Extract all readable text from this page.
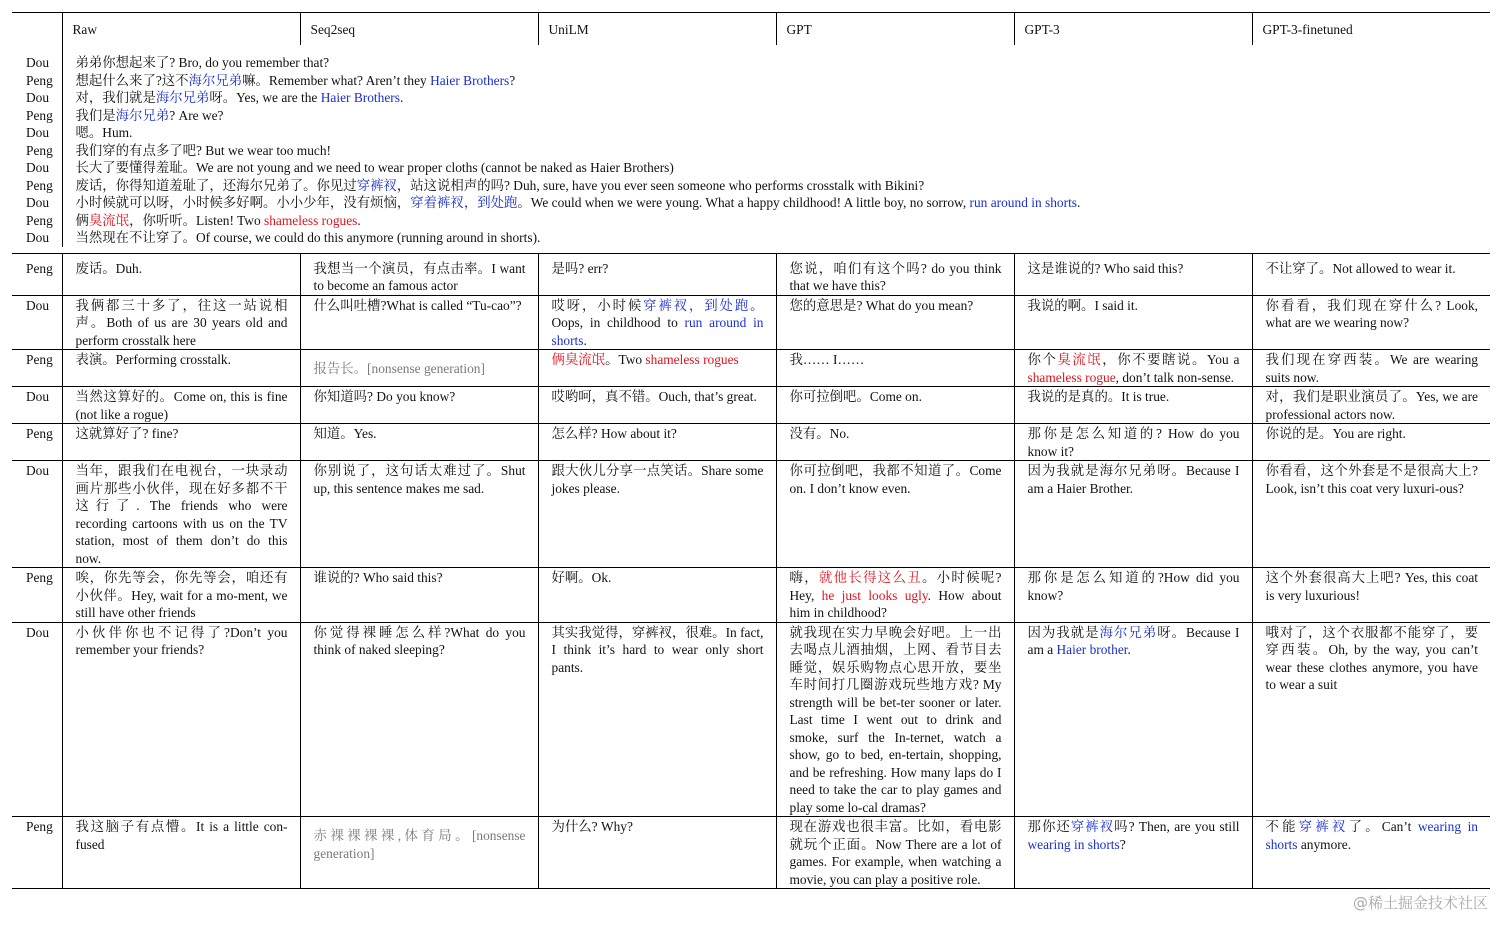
	Raw	Seq2seq	UniLM	GPT	GPT-3	GPT-3-finetuned
Dou	弟弟你想起来了? Bro, do you remember that?					
Peng	想起什么来了?这不海尔兄弟嘛。Remember what? Aren’t they Haier Brothers?					
Dou	对，我们就是海尔兄弟呀。Yes, we are the Haier Brothers.					
Peng	我们是海尔兄弟? Are we?					
Dou	嗯。Hum.					
Peng	我们穿的有点多了吧? But we wear too much!					
Dou	长大了要懂得羞耻。We are not young and we need to wear proper cloths (cannot be naked as Haier Brothers)					
Peng	废话，你得知道羞耻了，还海尔兄弟了。你见过穿裤衩，站这说相声的吗? Duh, sure, have you ever seen someone who performs crosstalk with Bikini?					
Dou	小时候就可以呀，小时候多好啊。小小少年，没有烦恼，穿着裤衩，到处跑。We could when we were young. What a happy childhood! A little boy, no sorrow, run around in shorts.					
Peng	俩臭流氓，你听听。Listen! Two shameless rogues.					
Dou	当然现在不让穿了。Of course, we could do this anymore (running around in shorts).					

Peng	废话。Duh.	我想当一个演员，有点击率。I want to become an famous actor	是吗? err?	您说，咱们有这个吗? do you think that we have this?	这是谁说的? Who said this?	不让穿了。Not allowed to wear it.
Dou	我俩都三十多了，往这一站说相声。Both of us are 30 years old and perform crosstalk here	什么叫吐槽?What is called “Tu-cao”?	哎呀，小时候穿裤衩，到处跑。Oops, in childhood to run around in shorts.	您的意思是? What do you mean?	我说的啊。I said it.	你看看，我们现在穿什么? Look, what are we wearing now?
Peng	表演。Performing crosstalk.	报告长。[nonsense generation]	俩臭流氓。Two shameless rogues	我…… I……	你个臭流氓，你不要瞎说。You a shameless rogue, don’t talk non-sense.	我们现在穿西装。We are wearing suits now.
Dou	当然这算好的。Come on, this is fine (not like a rogue)	你知道吗? Do you know?	哎哟呵，真不错。Ouch, that’s great.	你可拉倒吧。Come on.	我说的是真的。It is true.	对，我们是职业演员了。Yes, we are professional actors now.
Peng	这就算好了? fine?	知道。Yes.	怎么样? How about it?	没有。No.	那你是怎么知道的? How do you know it?	你说的是。You are right.
Dou	当年，跟我们在电视台，一块录动画片那些小伙伴，现在好多都不干这行了. The friends who were recording cartoons with us on the TV station, most of them don’t do this now.	你别说了，这句话太难过了。Shut up, this sentence makes me sad.	跟大伙儿分享一点笑话。Share some jokes please.	你可拉倒吧，我都不知道了。Come on. I don’t know even.	因为我就是海尔兄弟呀。Because I am a Haier Brother.	你看看，这个外套是不是很高大上?Look, isn’t this coat very luxuri-ous?
Peng	唉，你先等会，你先等会，咱还有小伙伴。Hey, wait for a mo-ment, we still have other friends	谁说的? Who said this?	好啊。Ok.	嗨，就他长得这么丑。小时候呢?Hey, he just looks ugly. How about him in childhood?	那你是怎么知道的?How did you know?	这个外套很高大上吧? Yes, this coat is very luxurious!
Dou	小伙伴你也不记得了?Don’t you remember your friends?	你觉得裸睡怎么样?What do you think of naked sleeping?	其实我觉得，穿裤衩，很难。In fact, I think it’s hard to wear only short pants.	就我现在实力早晚会好吧。上一出去喝点儿酒抽烟，上网、看节目去睡觉，娱乐购物点心思开放，要坐车时间打几圈游戏玩些地方戏? My strength will be bet-ter sooner or later. Last time I went out to drink and smoke, surf the In-ternet, watch a show, go to bed, en-tertain, shopping, and be refreshing. How many laps do I need to take the car to play games and play some lo-cal dramas?	因为我就是海尔兄弟呀。Because I am a Haier brother.	哦对了，这个衣服都不能穿了，要穿西装。Oh, by the way, you can’t wear these clothes anymore, you have to wear a suit
Peng	我这脑子有点懵。It is a little con-fused	赤裸裸裸裸,体育局。[nonsense generation]	为什么? Why?	现在游戏也很丰富。比如，看电影就玩个正面。Now There are a lot of games. For example, when watching a movie, you can play a positive role.	那你还穿裤衩吗? Then, are you still wearing in shorts?	不能穿裤衩了。Can’t wearing in shorts anymore.
@稀土掘金技术社区
